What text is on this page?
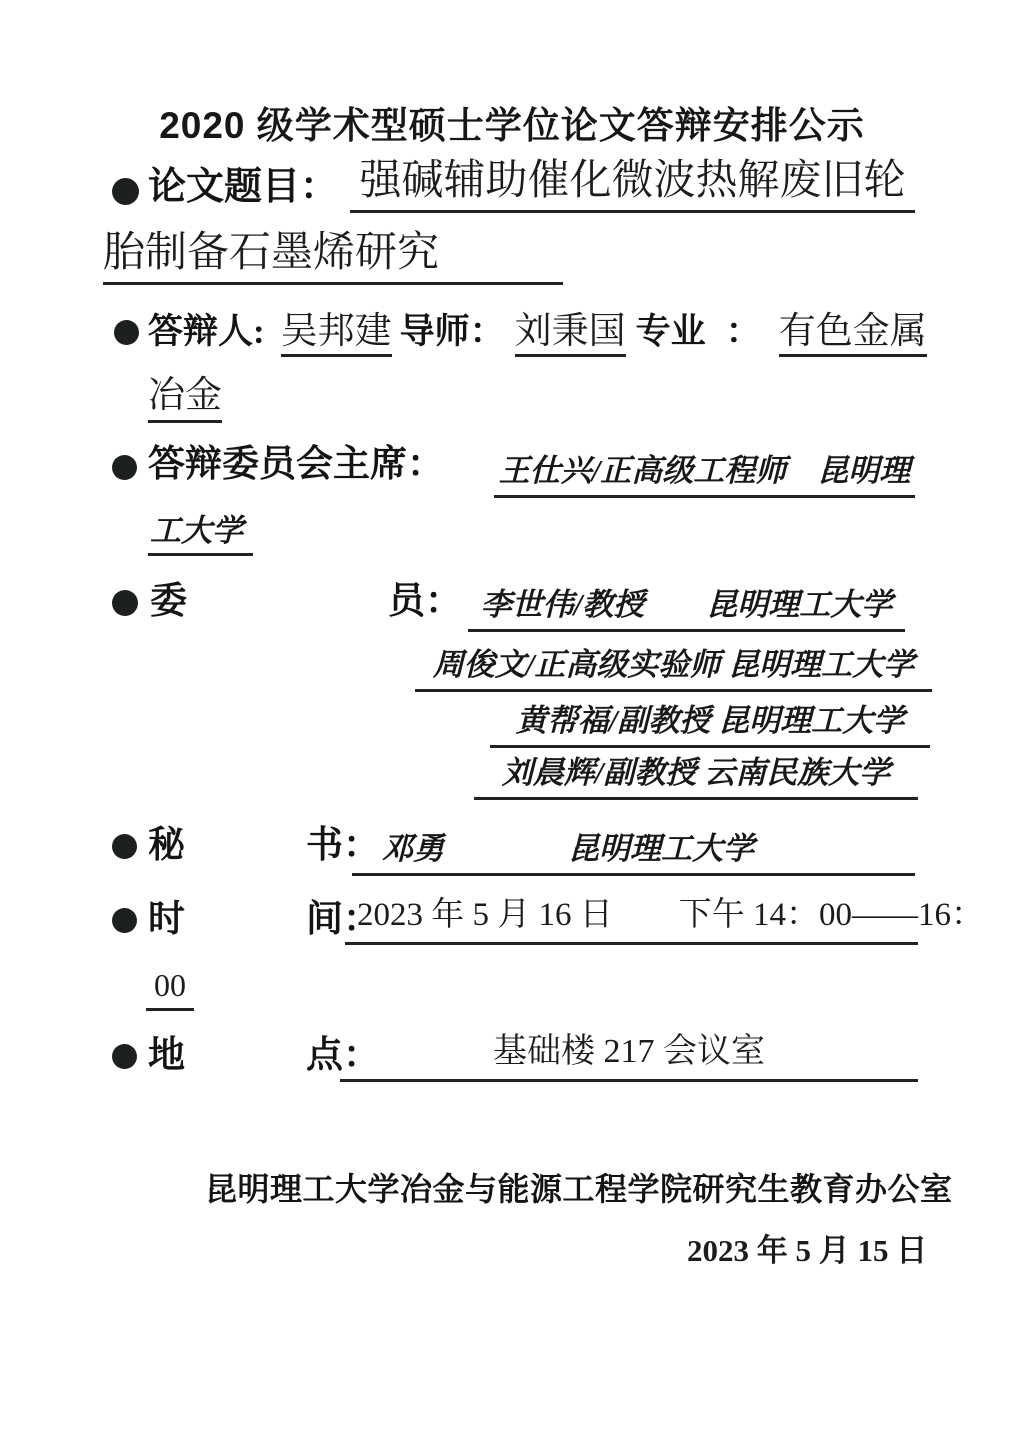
2020 级学术型硕士学位论文答辩安排公示
论文题目： 强碱辅助催化微波热解废旧轮
胎制备石墨烯研究
答辩人: 吴邦建 导师： 刘秉国 专业 ： 有色金属
冶金
答辩委员会主席： 王仕兴/正高级工程师　昆明理
工大学
委	员： 李世伟/教授　　昆明理工大学
周俊文/正高级实验师 昆明理工大学
黄帮福/副教授 昆明理工大学
刘晨辉/副教授 云南民族大学
秘	书： 邓勇　　　　昆明理工大学
时	间：
2023 年 5 月 16 日　　下午 14：00——16：
00
地	点：	基础楼 217 会议室
昆明理工大学冶金与能源工程学院研究生教育办公室
2023 年 5 月 15 日
